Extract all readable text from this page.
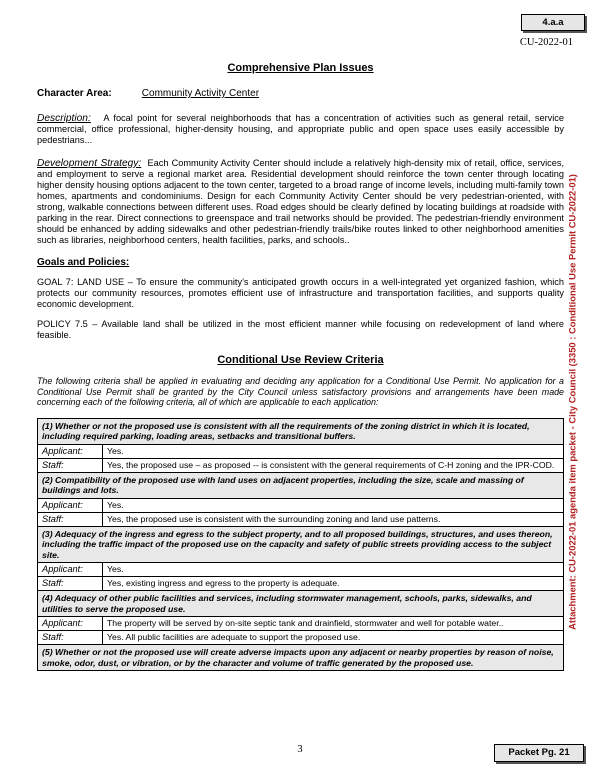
4.a.a
CU-2022-01
Comprehensive Plan Issues
Character Area:	Community Activity Center

Description: A focal point for several neighborhoods that has a concentration of activities such as general retail, service commercial, office professional, higher-density housing, and appropriate public and open space uses easily accessible by pedestrians...

Development Strategy: Each Community Activity Center should include a relatively high-density mix of retail, office, services, and employment to serve a regional market area. Residential development should reinforce the town center through locating higher density housing options adjacent to the town center, targeted to a broad range of income levels, including multi-family town homes, apartments and condominiums. Design for each Community Activity Center should be very pedestrian-oriented, with strong, walkable connections between different uses. Road edges should be clearly defined by locating buildings at roadside with parking in the rear. Direct connections to greenspace and trail networks should be provided. The pedestrian-friendly environment should be enhanced by adding sidewalks and other pedestrian-friendly trails/bike routes linked to other neighborhood amenities such as libraries, neighborhood centers, health facilities, parks, and schools..

Goals and Policies:

GOAL 7: LAND USE – To ensure the community’s anticipated growth occurs in a well-integrated yet organized fashion, which protects our community resources, promotes efficient use of infrastructure and transportation facilities, and supports quality economic development.

POLICY 7.5 – Available land shall be utilized in the most efficient manner while focusing on redevelopment of land where feasible.

Conditional Use Review Criteria

The following criteria shall be applied in evaluating and deciding any application for a Conditional Use Permit. No application for a Conditional Use Permit shall be granted by the City Council unless satisfactory provisions and arrangements have been made concerning each of the following criteria, all of which are applicable to each application:

(1) Whether or not the proposed use is consistent with all the requirements of the zoning district in which it is located, including required parking, loading areas, setbacks and transitional buffers.	
Applicant:	Yes.
Staff:	Yes, the proposed use – as proposed -- is consistent with the general requirements of C-H zoning and the IPR-COD.
(2) Compatibility of the proposed use with land uses on adjacent properties, including the size, scale and massing of buildings and lots.	
Applicant:	Yes.
Staff:	Yes, the proposed use is consistent with the surrounding zoning and land use patterns.
(3) Adequacy of the ingress and egress to the subject property, and to all proposed buildings, structures, and uses thereon, including the traffic impact of the proposed use on the capacity and safety of public streets providing access to the subject site.	
Applicant:	Yes.
Staff:	Yes, existing ingress and egress to the property is adequate.
(4) Adequacy of other public facilities and services, including stormwater management, schools, parks, sidewalks, and utilities to serve the proposed use.	
Applicant:	The property will be served by on-site septic tank and drainfield, stormwater and well for potable water..
Staff:	Yes. All public facilities are adequate to support the proposed use.
(5) Whether or not the proposed use will create adverse impacts upon any adjacent or nearby properties by reason of noise, smoke, odor, dust, or vibration, or by the character and volume of traffic generated by the proposed use.	
Attachment: CU-2022-01 agenda item packet - City Council (3350 : Conditional Use Permit CU-2022-01)
3	Packet Pg. 21
